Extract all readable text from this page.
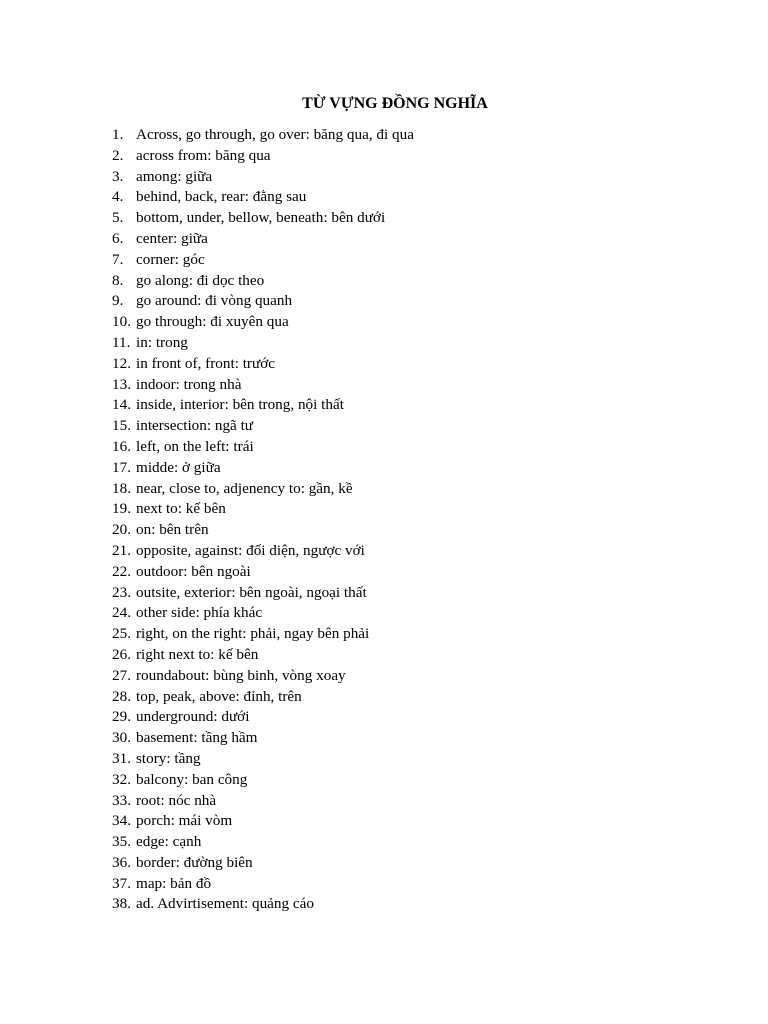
TỪ VỰNG ĐỒNG NGHĨA
1. Across, go through, go over: băng qua, đi qua
2. across from: băng qua
3. among: giữa
4. behind, back, rear: đằng sau
5. bottom, under, bellow, beneath: bên dưới
6. center: giữa
7. corner: góc
8. go along: đi dọc theo
9. go around: đi vòng quanh
10. go through: đi xuyên qua
11. in: trong
12. in front of, front: trước
13. indoor: trong nhà
14. inside, interior: bên trong, nội thất
15. intersection: ngã tư
16. left, on the left: trái
17. midde: ở giữa
18. near, close to, adjenency to: gần, kề
19. next to: kế bên
20. on: bên trên
21. opposite, against: đối diện, ngược với
22. outdoor: bên ngoài
23. outsite, exterior: bên ngoài, ngoại thất
24. other side: phía khác
25. right, on the right: phải, ngay bên phải
26. right next to: kế bên
27. roundabout: bùng binh, vòng xoay
28. top, peak, above: đỉnh, trên
29. underground: dưới
30. basement: tầng hầm
31. story: tầng
32. balcony: ban công
33. root: nóc nhà
34. porch: mái vòm
35. edge: cạnh
36. border: đường biên
37. map: bản đồ
38. ad. Advirtisement: quảng cáo
